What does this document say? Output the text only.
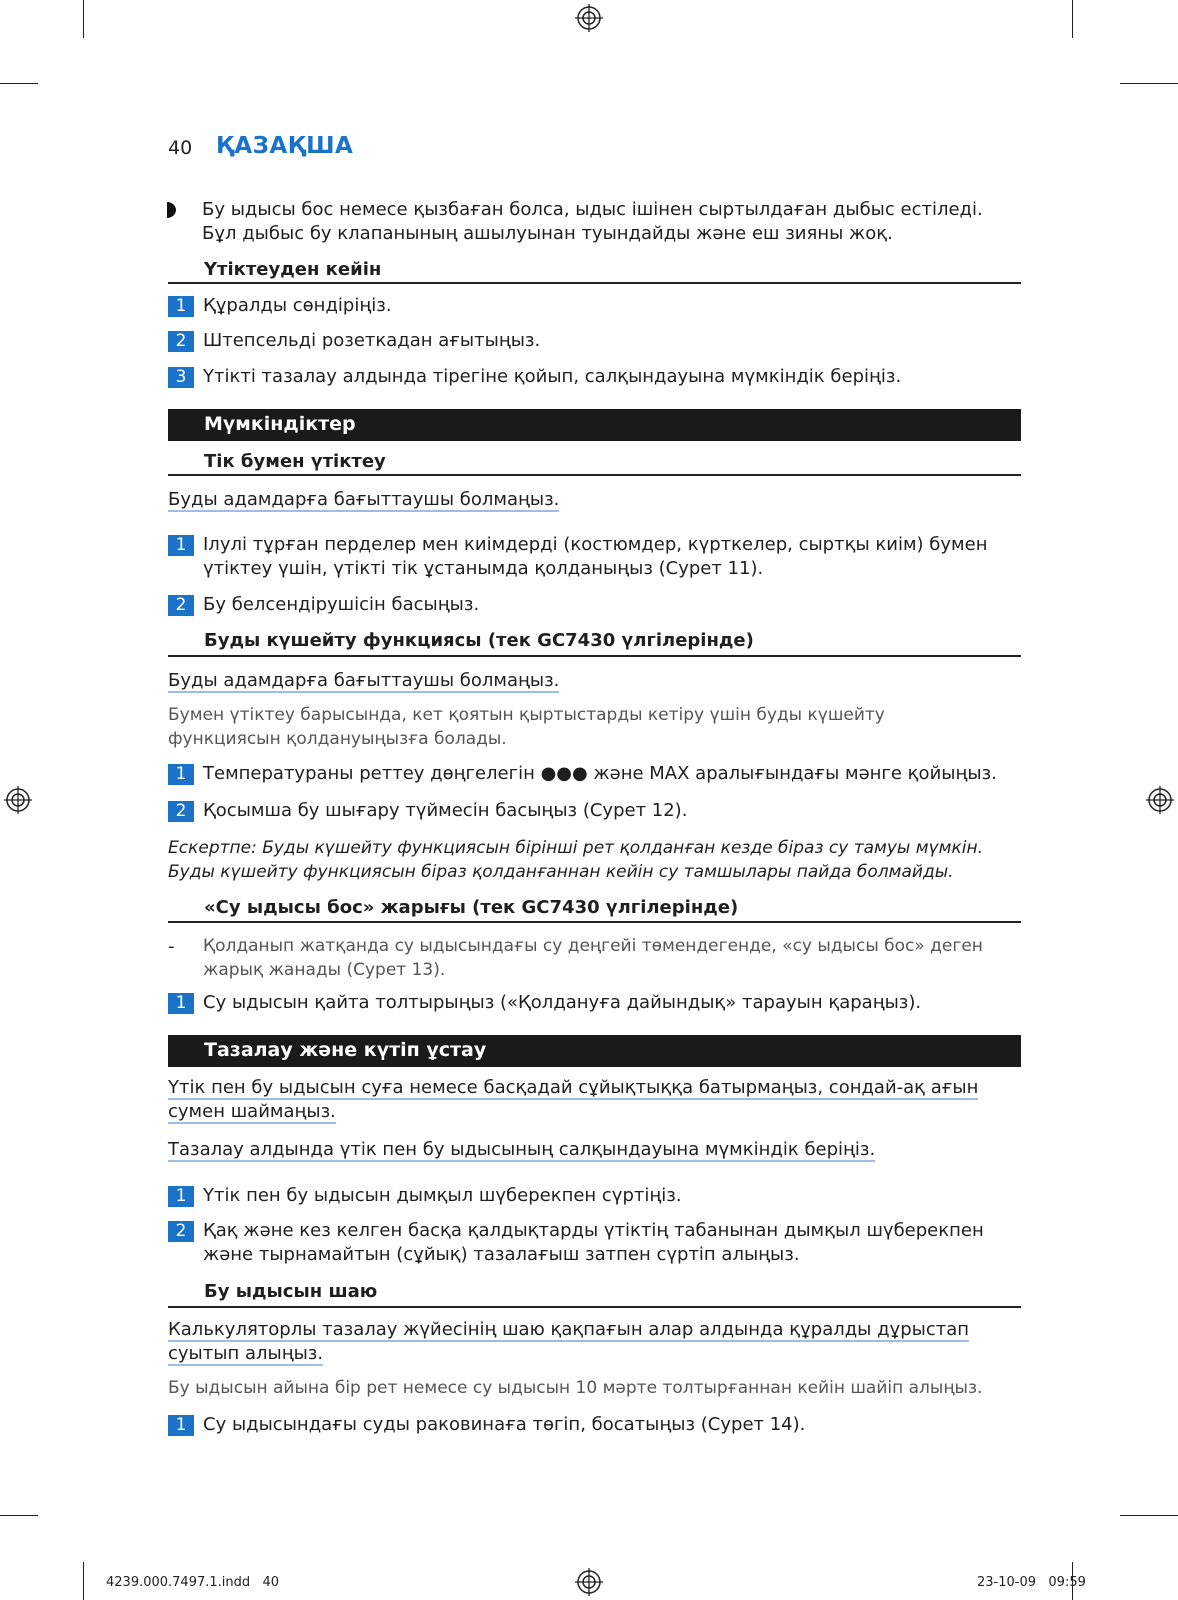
40 ҚАЗАҚША
Бу ыдысы бос немесе қызбаған болса, ыдыс ішінен сыртылдаған дыбыс естіледі. Бұл дыбыс бу клапанының ашылуынан туындайды және еш зияны жоқ.
Үтіктеуден кейін
1 Құралды сөндіріңіз.
2 Штепсельді розеткадан ағытыңыз.
3 Үтікті тазалау алдында тірегіне қойып, салқындауына мүмкіндік беріңіз.
Мүмкіндіктер
Тік бумен үтіктеу
Буды адамдарға бағыттаушы болмаңыз.
1 Ілулі тұрған перделер мен киімдерді (костюмдер, күрткелер, сыртқы киім) бумен үтіктеу үшін, үтікті тік ұстанымда қолданыңыз (Сурет 11).
2 Бу белсендірушісін басыңыз.
Буды күшейту функциясы (тек GC7430 үлгілерінде)
Буды адамдарға бағыттаушы болмаңыз.
Бумен үтіктеу барысында, кет қоятын қыртыстарды кетіру үшін буды күшейту функциясын қолдануыңызға болады.
1 Температураны реттеу дөңгелегін ●●● және MAX аралығындағы мәнге қойыңыз.
2 Қосымша бу шығару түймесін басыңыз (Сурет 12).
Ескертпе: Буды күшейту функциясын бірінші рет қолданған кезде біраз су тамуы мүмкін. Буды күшейту функциясын біраз қолданғаннан кейін су тамшылары пайда болмайды.
«Су ыдысы бос» жарығы (тек GC7430 үлгілерінде)
- Қолданып жатқанда су ыдысындағы су деңгейі төмендегенде, «су ыдысы бос» деген жарық жанады (Сурет 13).
1 Су ыдысын қайта толтырыңыз («Қолдануға дайындық» тарауын қараңыз).
Тазалау және күтіп ұстау
Үтік пен бу ыдысын суға немесе басқадай сұйықтыққа батырмаңыз, сондай-ақ ағын сумен шаймаңыз.
Тазалау алдында үтік пен бу ыдысының салқындауына мүмкіндік беріңіз.
1 Үтік пен бу ыдысын дымқыл шүберекпен сүртіңіз.
2 Қақ және кез келген басқа қалдықтарды үтіктің табанынан дымқыл шүберекпен және тырнамайтын (сұйық) тазалағыш затпен сүртіп алыңыз.
Бу ыдысын шаю
Калькуляторлы тазалау жүйесінің шаю қақпағын алар алдында құралды дұрыстап суытып алыңыз.
Бу ыдысын айына бір рет немесе су ыдысын 10 мәрте толтырғаннан кейін шайіп алыңыз.
1 Су ыдысындағы суды раковинаға төгіп, босатыңыз (Сурет 14).
4239.000.7497.1.indd   40	23-10-09   09:59
